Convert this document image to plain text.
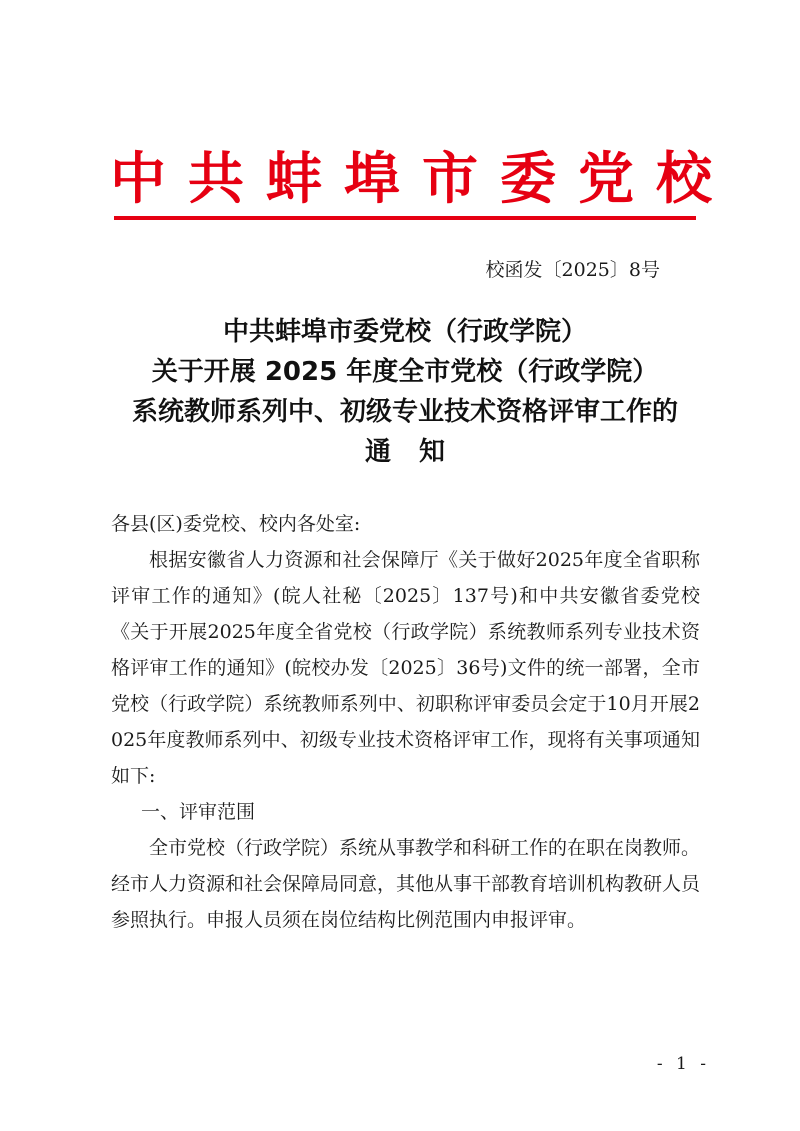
中共蚌埠市委党校
校函发〔2025〕8号
中共蚌埠市委党校（行政学院）
关于开展 2025 年度全市党校（行政学院）
系统教师系列中、初级专业技术资格评审工作的
通知

各县(区)委党校、校内各处室:

根据安徽省人力资源和社会保障厅《关于做好2025年度全省职称评审工作的通知》(皖人社秘〔2025〕137号)和中共安徽省委党校《关于开展2025年度全省党校（行政学院）系统教师系列专业技术资格评审工作的通知》(皖校办发〔2025〕36号)文件的统一部署，全市党校（行政学院）系统教师系列中、初职称评审委员会定于10月开展2025年度教师系列中、初级专业技术资格评审工作，现将有关事项通知如下:

一、评审范围

全市党校（行政学院）系统从事教学和科研工作的在职在岗教师。经市人力资源和社会保障局同意，其他从事干部教育培训机构教研人员参照执行。申报人员须在岗位结构比例范围内申报评审。

- 1 -
